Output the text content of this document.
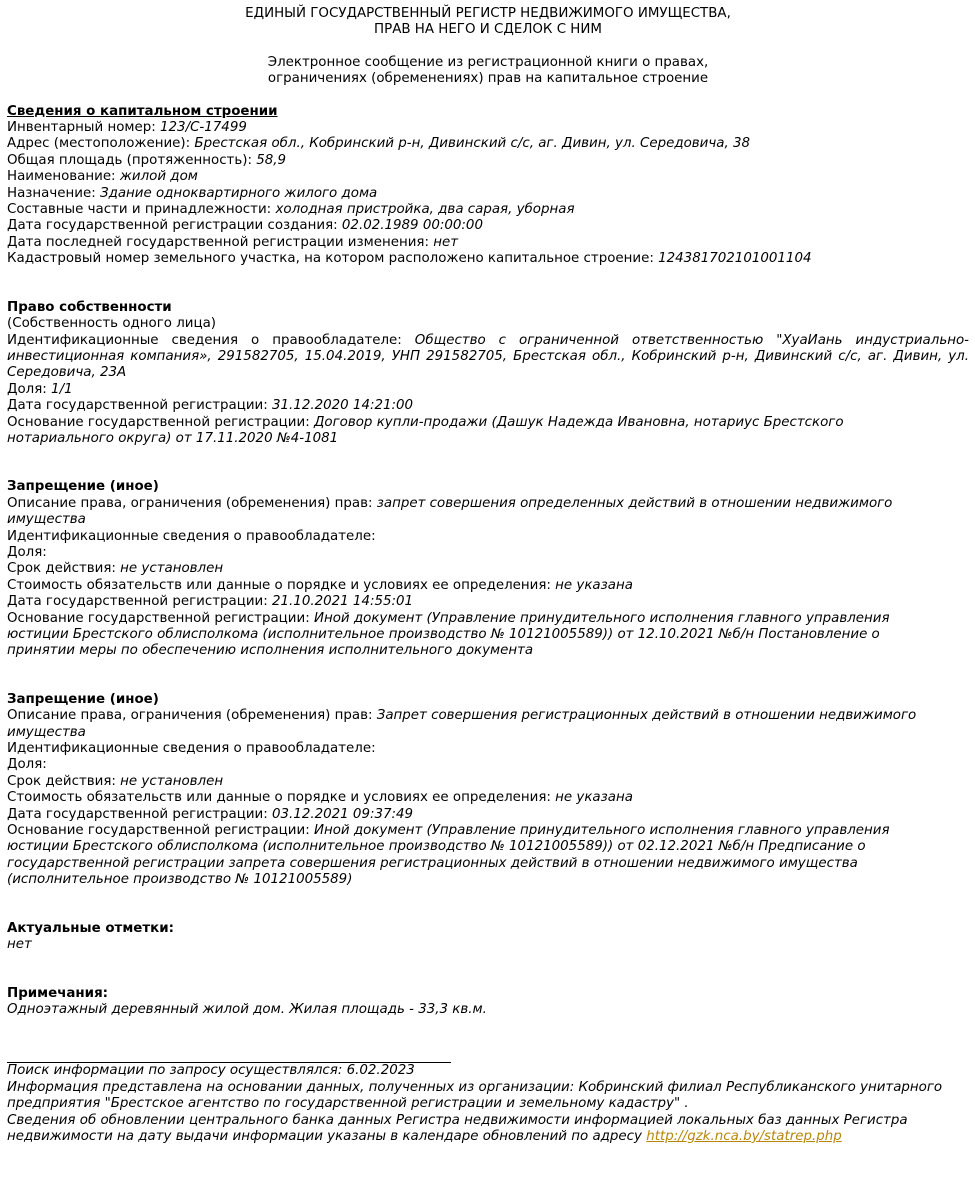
ЕДИНЫЙ ГОСУДАРСТВЕННЫЙ РЕГИСТР НЕДВИЖИМОГО ИМУЩЕСТВА,
ПРАВ НА НЕГО И СДЕЛОК С НИМ
Электронное сообщение из регистрационной книги о правах,
ограничениях (обременениях) прав на капитальное строение
Сведения о капитальном строении
Инвентарный номер: 123/C-17499
Адрес (местоположение): Брестская обл., Кобринский р-н, Дивинский с/с, аг. Дивин, ул. Середовича, 38
Общая площадь (протяженность): 58,9
Наименование: жилой дом
Назначение: Здание одноквартирного жилого дома
Составные части и принадлежности: холодная пристройка, два сарая, уборная
Дата государственной регистрации создания: 02.02.1989 00:00:00
Дата последней государственной регистрации изменения: нет
Кадастровый номер земельного участка, на котором расположено капитальное строение: 124381702101001104
Право собственности
(Собственность одного лица)
Идентификационные сведения о правообладателе: Общество с ограниченной ответственностью "ХуаИань индустриально-инвестиционная компания», 291582705, 15.04.2019, УНП 291582705, Брестская обл., Кобринский р-н, Дивинский с/с, аг. Дивин, ул. Середовича, 23А
Доля: 1/1
Дата государственной регистрации: 31.12.2020 14:21:00
Основание государственной регистрации: Договор купли-продажи (Дашук Надежда Ивановна, нотариус Брестского нотариального округа) от 17.11.2020 №4-1081
Запрещение (иное)
Описание права, ограничения (обременения) прав: запрет совершения определенных действий в отношении недвижимого имущества
Идентификационные сведения о правообладателе:
Доля:
Срок действия: не установлен
Стоимость обязательств или данные о порядке и условиях ее определения: не указана
Дата государственной регистрации: 21.10.2021 14:55:01
Основание государственной регистрации: Иной документ (Управление принудительного исполнения главного управления юстиции Брестского облисполкома (исполнительное производство № 10121005589)) от 12.10.2021 №б/н Постановление о принятии меры по обеспечению исполнения исполнительного документа
Запрещение (иное)
Описание права, ограничения (обременения) прав: Запрет совершения регистрационных действий в отношении недвижимого имущества
Идентификационные сведения о правообладателе:
Доля:
Срок действия: не установлен
Стоимость обязательств или данные о порядке и условиях ее определения: не указана
Дата государственной регистрации: 03.12.2021 09:37:49
Основание государственной регистрации: Иной документ (Управление принудительного исполнения главного управления юстиции Брестского облисполкома (исполнительное производство № 10121005589)) от 02.12.2021 №б/н Предписание о государственной регистрации запрета совершения регистрационных действий в отношении недвижимого имущества (исполнительное производство № 10121005589)
Актуальные отметки:
нет
Примечания:
Одноэтажный деревянный жилой дом. Жилая площадь - 33,3 кв.м.
Поиск информации по запросу осуществлялся: 6.02.2023
Информация представлена на основании данных, полученных из организации: Кобринский филиал Республиканского унитарного предприятия "Брестское агентство по государственной регистрации и земельному кадастру" .
Сведения об обновлении центрального банка данных Регистра недвижимости информацией локальных баз данных Регистра недвижимости на дату выдачи информации указаны в календаре обновлений по адресу http://gzk.nca.by/statrep.php
